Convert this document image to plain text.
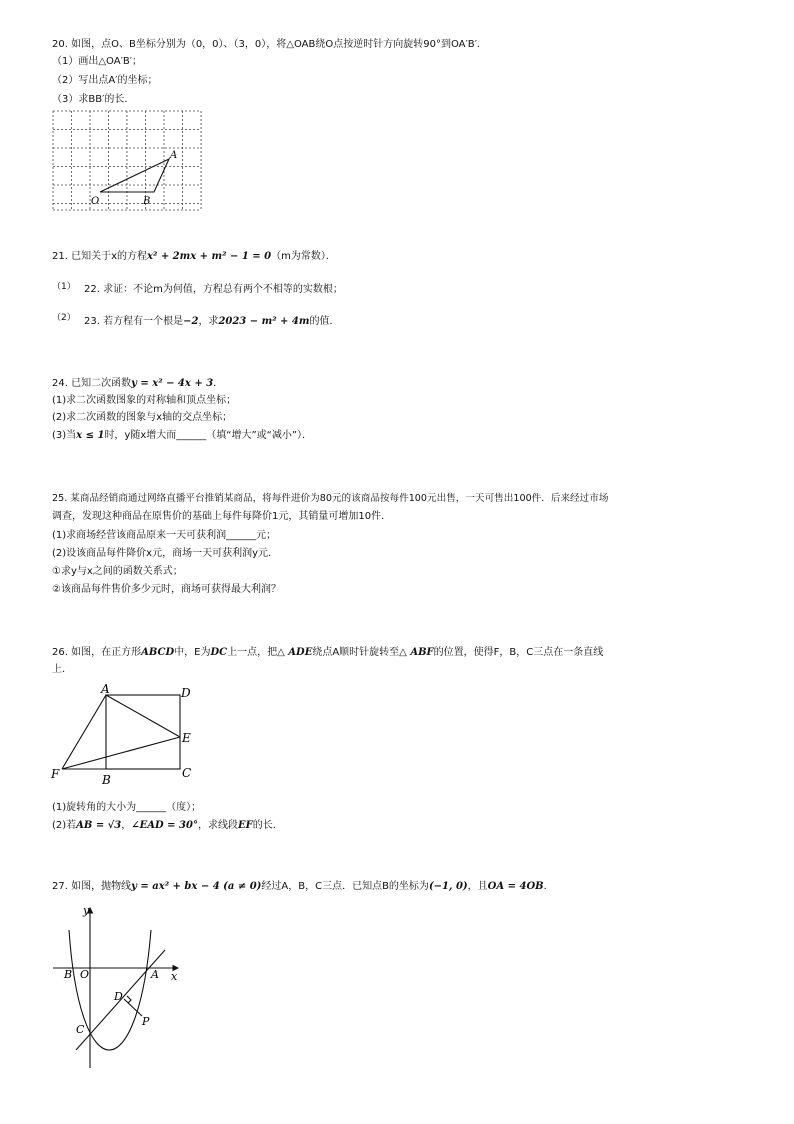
20. 如图，点O、B坐标分别为（0，0）、（3，0），将△OAB绕O点按逆时针方向旋转90°到OA′B′．
（1）画出△OA′B′；
（2）写出点A′的坐标；
（3）求BB′的长．
A
O	B
21. 已知关于x的方程x² + 2mx + m² − 1 = 0（m为常数）．
（1） 22. 求证：不论m为何值，方程总有两个不相等的实数根；
（2） 23. 若方程有一个根是−2，求2023 − m² + 4m的值．
24. 已知二次函数y = x² − 4x + 3．
(1)求二次函数图象的对称轴和顶点坐标；
(2)求二次函数的图象与x轴的交点坐标；
(3)当x ≤ 1时，y随x增大而______（填“增大”或“减小”）．
25. 某商品经销商通过网络直播平台推销某商品，将每件进价为80元的该商品按每件100元出售，一天可售出100件．后来经过市场
调查，发现这种商品在原售价的基础上每件每降价1元，其销量可增加10件．
(1)求商场经营该商品原来一天可获利润______元；
(2)设该商品每件降价x元，商场一天可获利润y元．
①求y与x之间的函数关系式；
②该商品每件售价多少元时，商场可获得最大利润？
26. 如图，在正方形ABCD中，E为DC上一点，把△ ADE绕点A顺时针旋转至△ ABF的位置，使得F，B，C三点在一条直线
上．
A	D
E
F	B	C
(1)旋转角的大小为______（度）；
(2)若AB = √3，∠EAD = 30°，求线段EF的长．
27. 如图，抛物线y = ax² + bx − 4 (a ≠ 0)经过A，B，C三点．已知点B的坐标为(−1, 0)，且OA = 4OB．
y
x
B O	A
D
C
P
